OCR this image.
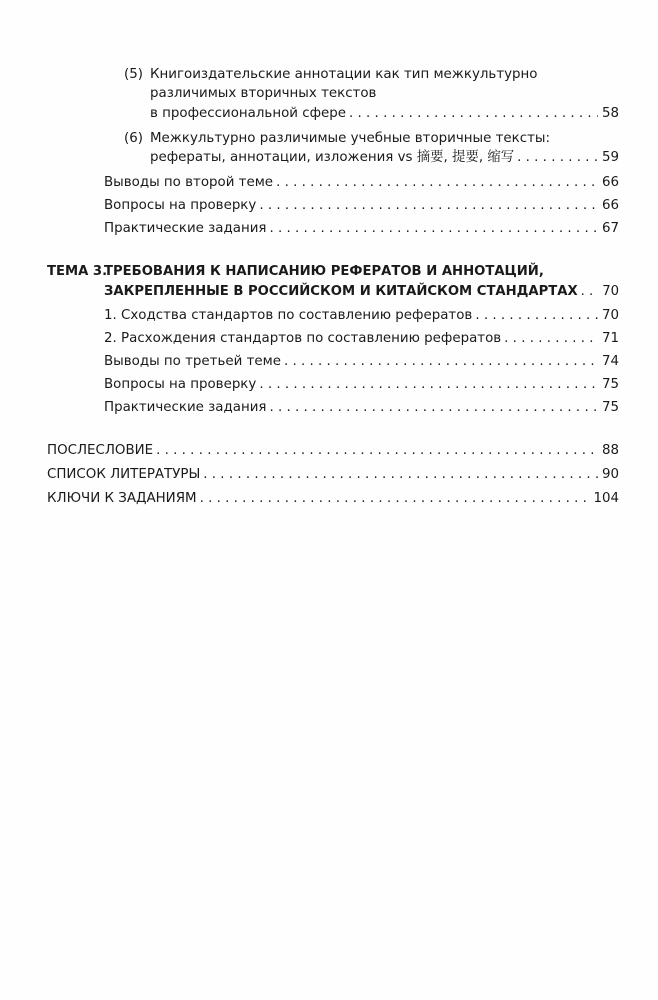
(5) Книгоиздательские аннотации как тип межкультурно
различимых вторичных текстов
в профессиональной сфере . . .	58
(6) Межкультурно различимые учебные вторичные тексты:
рефераты, аннотации, изложения vs 摘要, 提要, 缩写 . . .	59
Выводы по второй теме . . .	66
Вопросы на проверку . . .	66
Практические задания . . .	67
ТЕМА 3.ТРЕБОВАНИЯ К НАПИСАНИЮ РЕФЕРАТОВ И АННОТАЦИЙ,
ЗАКРЕПЛЕННЫЕ В РОССИЙСКОМ И КИТАЙСКОМ СТАНДАРТАХ . . . 70
1. Сходства стандартов по составлению рефератов . . .	70
2. Расхождения стандартов по составлению рефератов . . .	71
Выводы по третьей теме . . .	74
Вопросы на проверку . . .	75
Практические задания . . .	75
ПОСЛЕСЛОВИЕ . . .	88
СПИСОК ЛИТЕРАТУРЫ . . .	90
КЛЮЧИ К ЗАДАНИЯМ . . .	104
